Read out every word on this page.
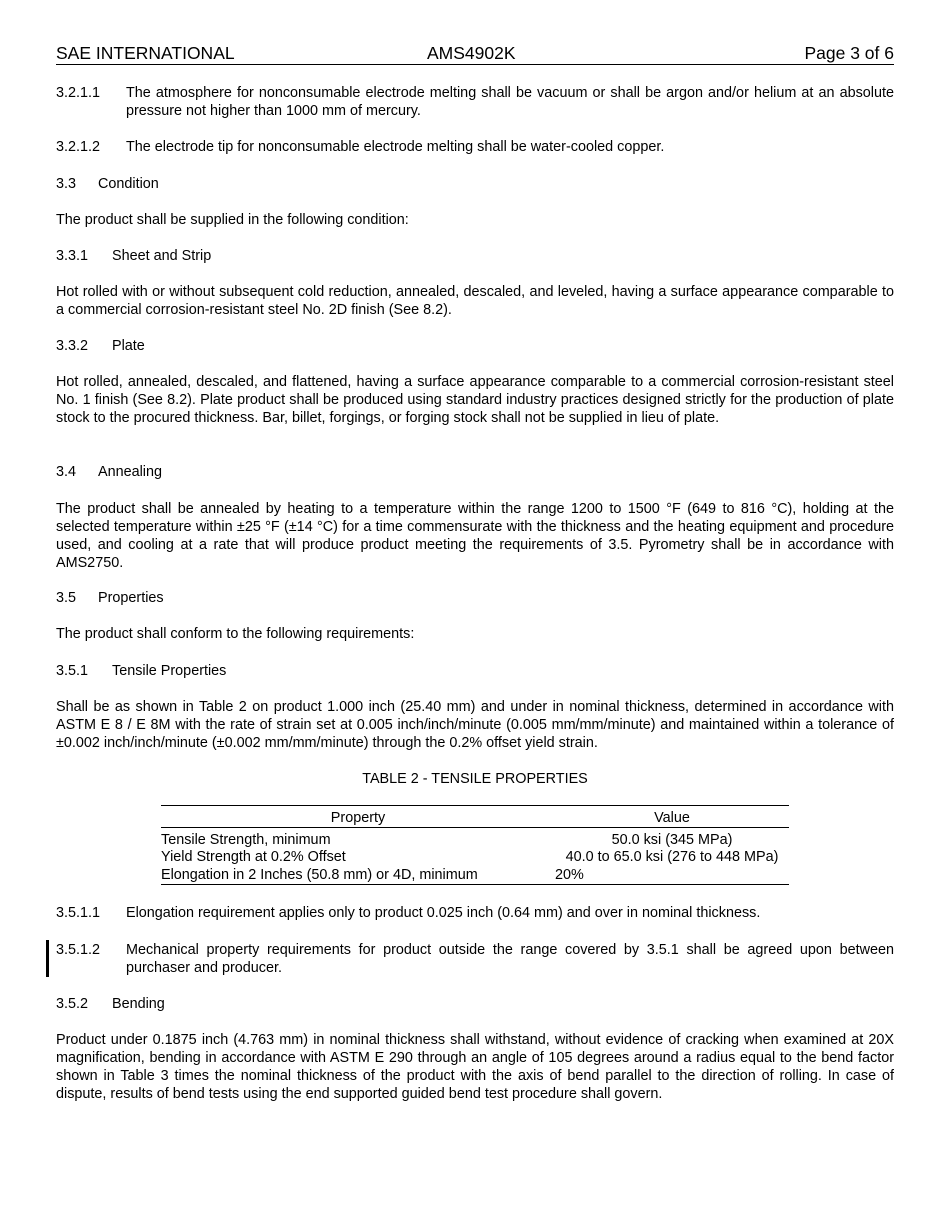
SAE INTERNATIONAL	AMS4902K	Page 3 of 6
3.2.1.1 The atmosphere for nonconsumable electrode melting shall be vacuum or shall be argon and/or helium at an absolute pressure not higher than 1000 mm of mercury.
3.2.1.2 The electrode tip for nonconsumable electrode melting shall be water-cooled copper.
3.3 Condition

The product shall be supplied in the following condition:

3.3.1 Sheet and Strip

Hot rolled with or without subsequent cold reduction, annealed, descaled, and leveled, having a surface appearance comparable to a commercial corrosion-resistant steel No. 2D finish (See 8.2).

3.3.2 Plate

Hot rolled, annealed, descaled, and flattened, having a surface appearance comparable to a commercial corrosion-resistant steel No. 1 finish (See 8.2). Plate product shall be produced using standard industry practices designed strictly for the production of plate stock to the procured thickness. Bar, billet, forgings, or forging stock shall not be supplied in lieu of plate.

3.4 Annealing

The product shall be annealed by heating to a temperature within the range 1200 to 1500 °F (649 to 816 °C), holding at the selected temperature within ±25 °F (±14 °C) for a time commensurate with the thickness and the heating equipment and procedure used, and cooling at a rate that will produce product meeting the requirements of 3.5. Pyrometry shall be in accordance with AMS2750.

3.5 Properties

The product shall conform to the following requirements:

3.5.1 Tensile Properties

Shall be as shown in Table 2 on product 1.000 inch (25.40 mm) and under in nominal thickness, determined in accordance with ASTM E 8 / E 8M with the rate of strain set at 0.005 inch/inch/minute (0.005 mm/mm/minute) and maintained within a tolerance of ±0.002 inch/inch/minute (±0.002 mm/mm/minute) through the 0.2% offset yield strain.

TABLE 2 - TENSILE PROPERTIES
Property	Value
Tensile Strength, minimum	50.0 ksi (345 MPa)
Yield Strength at 0.2% Offset	40.0 to 65.0 ksi (276 to 448 MPa)
Elongation in 2 Inches (50.8 mm) or 4D, minimum	20%
3.5.1.1 Elongation requirement applies only to product 0.025 inch (0.64 mm) and over in nominal thickness.
3.5.1.2 Mechanical property requirements for product outside the range covered by 3.5.1 shall be agreed upon between purchaser and producer.
3.5.2 Bending

Product under 0.1875 inch (4.763 mm) in nominal thickness shall withstand, without evidence of cracking when examined at 20X magnification, bending in accordance with ASTM E 290 through an angle of 105 degrees around a radius equal to the bend factor shown in Table 3 times the nominal thickness of the product with the axis of bend parallel to the direction of rolling. In case of dispute, results of bend tests using the end supported guided bend test procedure shall govern.
